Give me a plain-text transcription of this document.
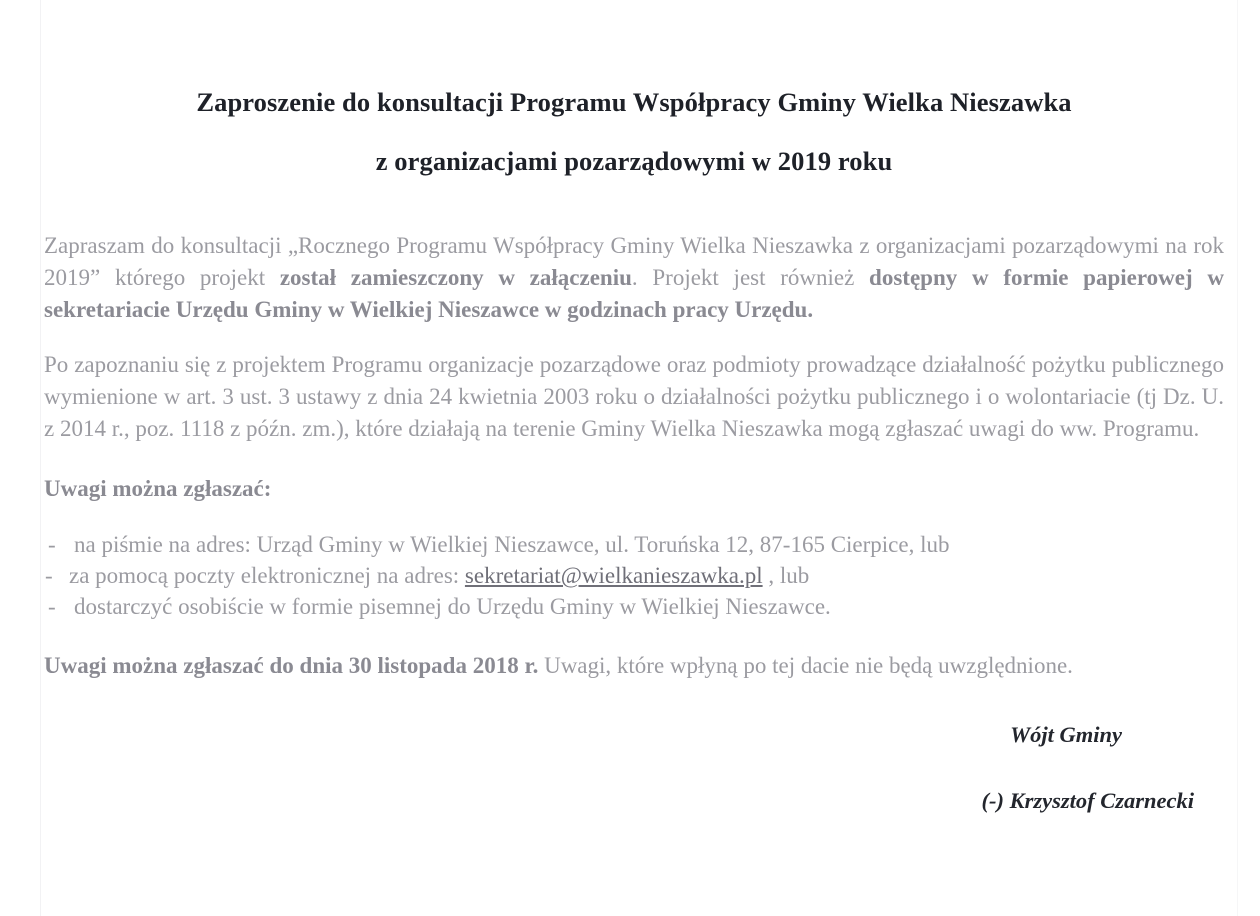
Zaproszenie do konsultacji Programu Współpracy Gminy Wielka Nieszawka
z organizacjami pozarządowymi w 2019 roku

Zapraszam do konsultacji „Rocznego Programu Współpracy Gminy Wielka Nieszawka z organizacjami pozarządowymi na rok 2019” którego projekt został zamieszczony w załączeniu. Projekt jest również dostępny w formie papierowej w sekretariacie Urzędu Gminy w Wielkiej Nieszawce w godzinach pracy Urzędu.

Po zapoznaniu się z projektem Programu organizacje pozarządowe oraz podmioty prowadzące działalność pożytku publicznego wymienione w art. 3 ust. 3 ustawy z dnia 24 kwietnia 2003 roku o działalności pożytku publicznego i o wolontariacie (tj Dz. U. z 2014 r., poz. 1118 z późn. zm.), które działają na terenie Gminy Wielka Nieszawka mogą zgłaszać uwagi do ww. Programu.

Uwagi można zgłaszać:
- na piśmie na adres: Urząd Gminy w Wielkiej Nieszawce, ul. Toruńska 12, 87-165 Cierpice, lub
- za pomocą poczty elektronicznej na adres: sekretariat@wielkanieszawka.pl , lub
- dostarczyć osobiście w formie pisemnej do Urzędu Gminy w Wielkiej Nieszawce.

Uwagi można zgłaszać do dnia 30 listopada 2018 r. Uwagi, które wpłyną po tej dacie nie będą uwzględnione.

Wójt Gminy
(-) Krzysztof Czarnecki
